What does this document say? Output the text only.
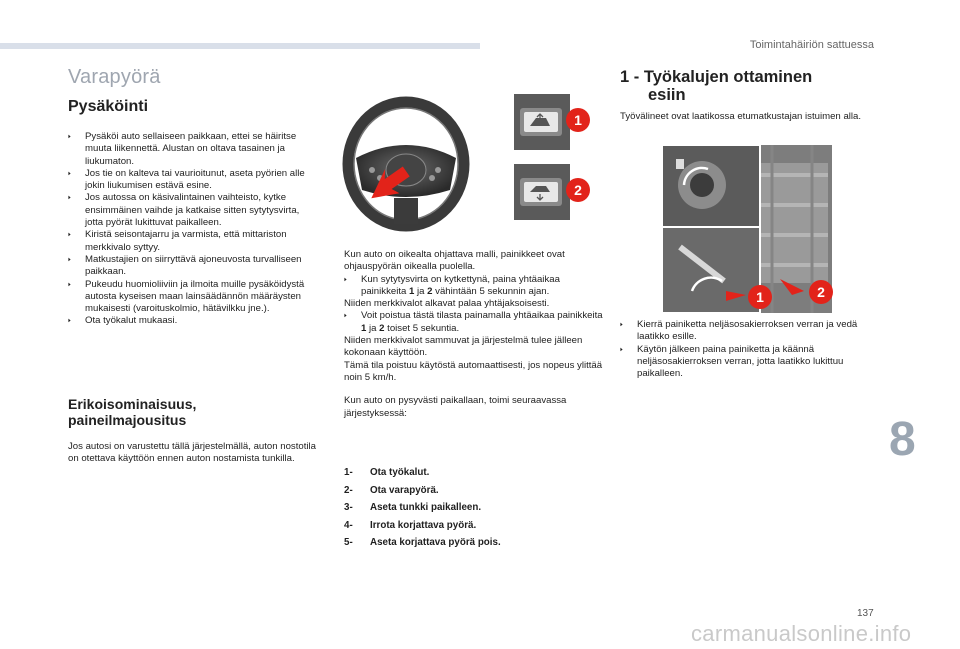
Toimintahäiriön sattuessa
Varapyörä
Pysäköinti
🢒 Pysäköi auto sellaiseen paikkaan, ettei se häiritse muuta liikennettä. Alustan on oltava tasainen ja liukumaton.
🢒 Jos tie on kalteva tai vaurioitunut, aseta pyörien alle jokin liukumisen estävä esine.
🢒 Jos autossa on käsivalintainen vaihteisto, kytke ensimmäinen vaihde ja katkaise sitten sytytysvirta, jotta pyörät lukittuvat paikalleen.
🢒 Kiristä seisontajarru ja varmista, että mittariston merkkivalo syttyy.
🢒 Matkustajien on siirryttävä ajoneuvosta turvalliseen paikkaan.
🢒 Pukeudu huomioliiviin ja ilmoita muille pysäköidystä autosta kyseisen maan lainsäädännön määräysten mukaisesti (varoituskolmio, hätävilkku jne.).
🢒 Ota työkalut mukaasi.
Erikoisominaisuus, paineilmajousitus
Jos autosi on varustettu tällä järjestelmällä, auton nostotila on otettava käyttöön ennen auton nostamista tunkilla.
1
2

Kun auto on oikealta ohjattava malli, painikkeet ovat ohjauspyörän oikealla puolella.

🢒 Kun sytytysvirta on kytkettynä, paina yhtäaikaa painikkeita 1 ja 2 vähintään 5 sekunnin ajan.

Niiden merkkivalot alkavat palaa yhtäjaksoisesti.

🢒 Voit poistua tästä tilasta painamalla yhtäaikaa painikkeita 1 ja 2 toiset 5 sekuntia.

Niiden merkkivalot sammuvat ja järjestelmä tulee jälleen kokonaan käyttöön.

Tämä tila poistuu käytöstä automaattisesti, jos nopeus ylittää noin 5 km/h.

Kun auto on pysyvästi paikallaan, toimi seuraavassa järjestyksessä:

1-	Ota työkalut.
2-	Ota varapyörä.
3-	Aseta tunkki paikalleen.
4-	Irrota korjattava pyörä.
5-	Aseta korjattava pyörä pois.
1 - Työkalujen ottaminen
esiin
Työvälineet ovat laatikossa etumatkustajan istuimen alla.
1	2
🢒 Kierrä painiketta neljäsosakierroksen verran ja vedä laatikko esille.
🢒 Käytön jälkeen paina painiketta ja käännä neljäsosakierroksen verran, jotta laatikko lukittuu paikalleen.
8
137
carmanualsonline.info
